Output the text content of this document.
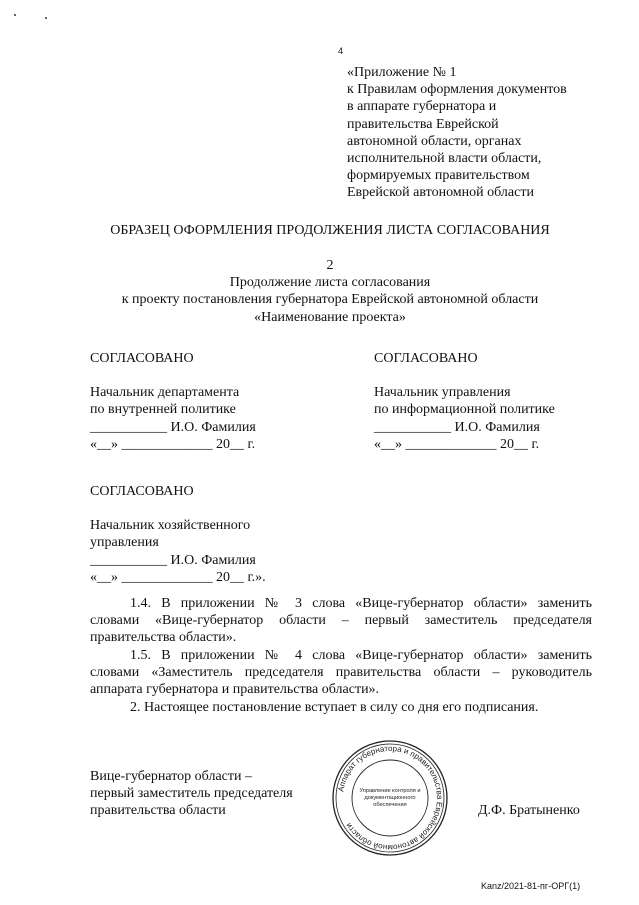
4
«Приложение № 1
к Правилам оформления документов
в аппарате губернатора и
правительства Еврейской
автономной области, органах
исполнительной власти области,
формируемых правительством
Еврейской автономной области
ОБРАЗЕЦ ОФОРМЛЕНИЯ ПРОДОЛЖЕНИЯ ЛИСТА СОГЛАСОВАНИЯ
2
Продолжение листа согласования
к проекту постановления губернатора Еврейской автономной области
«Наименование проекта»
СОГЛАСОВАНО
Начальник департамента
по внутренней политике
___________ И.О. Фамилия
«__» _____________ 20__ г.
СОГЛАСОВАНО
Начальник управления
по информационной политике
___________ И.О. Фамилия
«__» _____________ 20__ г.
СОГЛАСОВАНО
Начальник хозяйственного
управления
___________ И.О. Фамилия
«__» _____________ 20__ г.».
1.4. В приложении № 3 слова «Вице-губернатор области» заменить
словами «Вице-губернатор области – первый заместитель председателя
правительства области».
1.5. В приложении № 4 слова «Вице-губернатор области» заменить
словами «Заместитель председателя правительства области – руководитель
аппарата губернатора и правительства области».
2. Настоящее постановление вступает в силу со дня его подписания.
Вице-губернатор области –
первый заместитель председателя
правительства области
Аппарат губернатора и правительства Еврейской автономной области
Управление контроля и
документационного
обеспечения	Д.Ф. Братыненко
Kanz/2021-81-пг-ОРГ(1)
